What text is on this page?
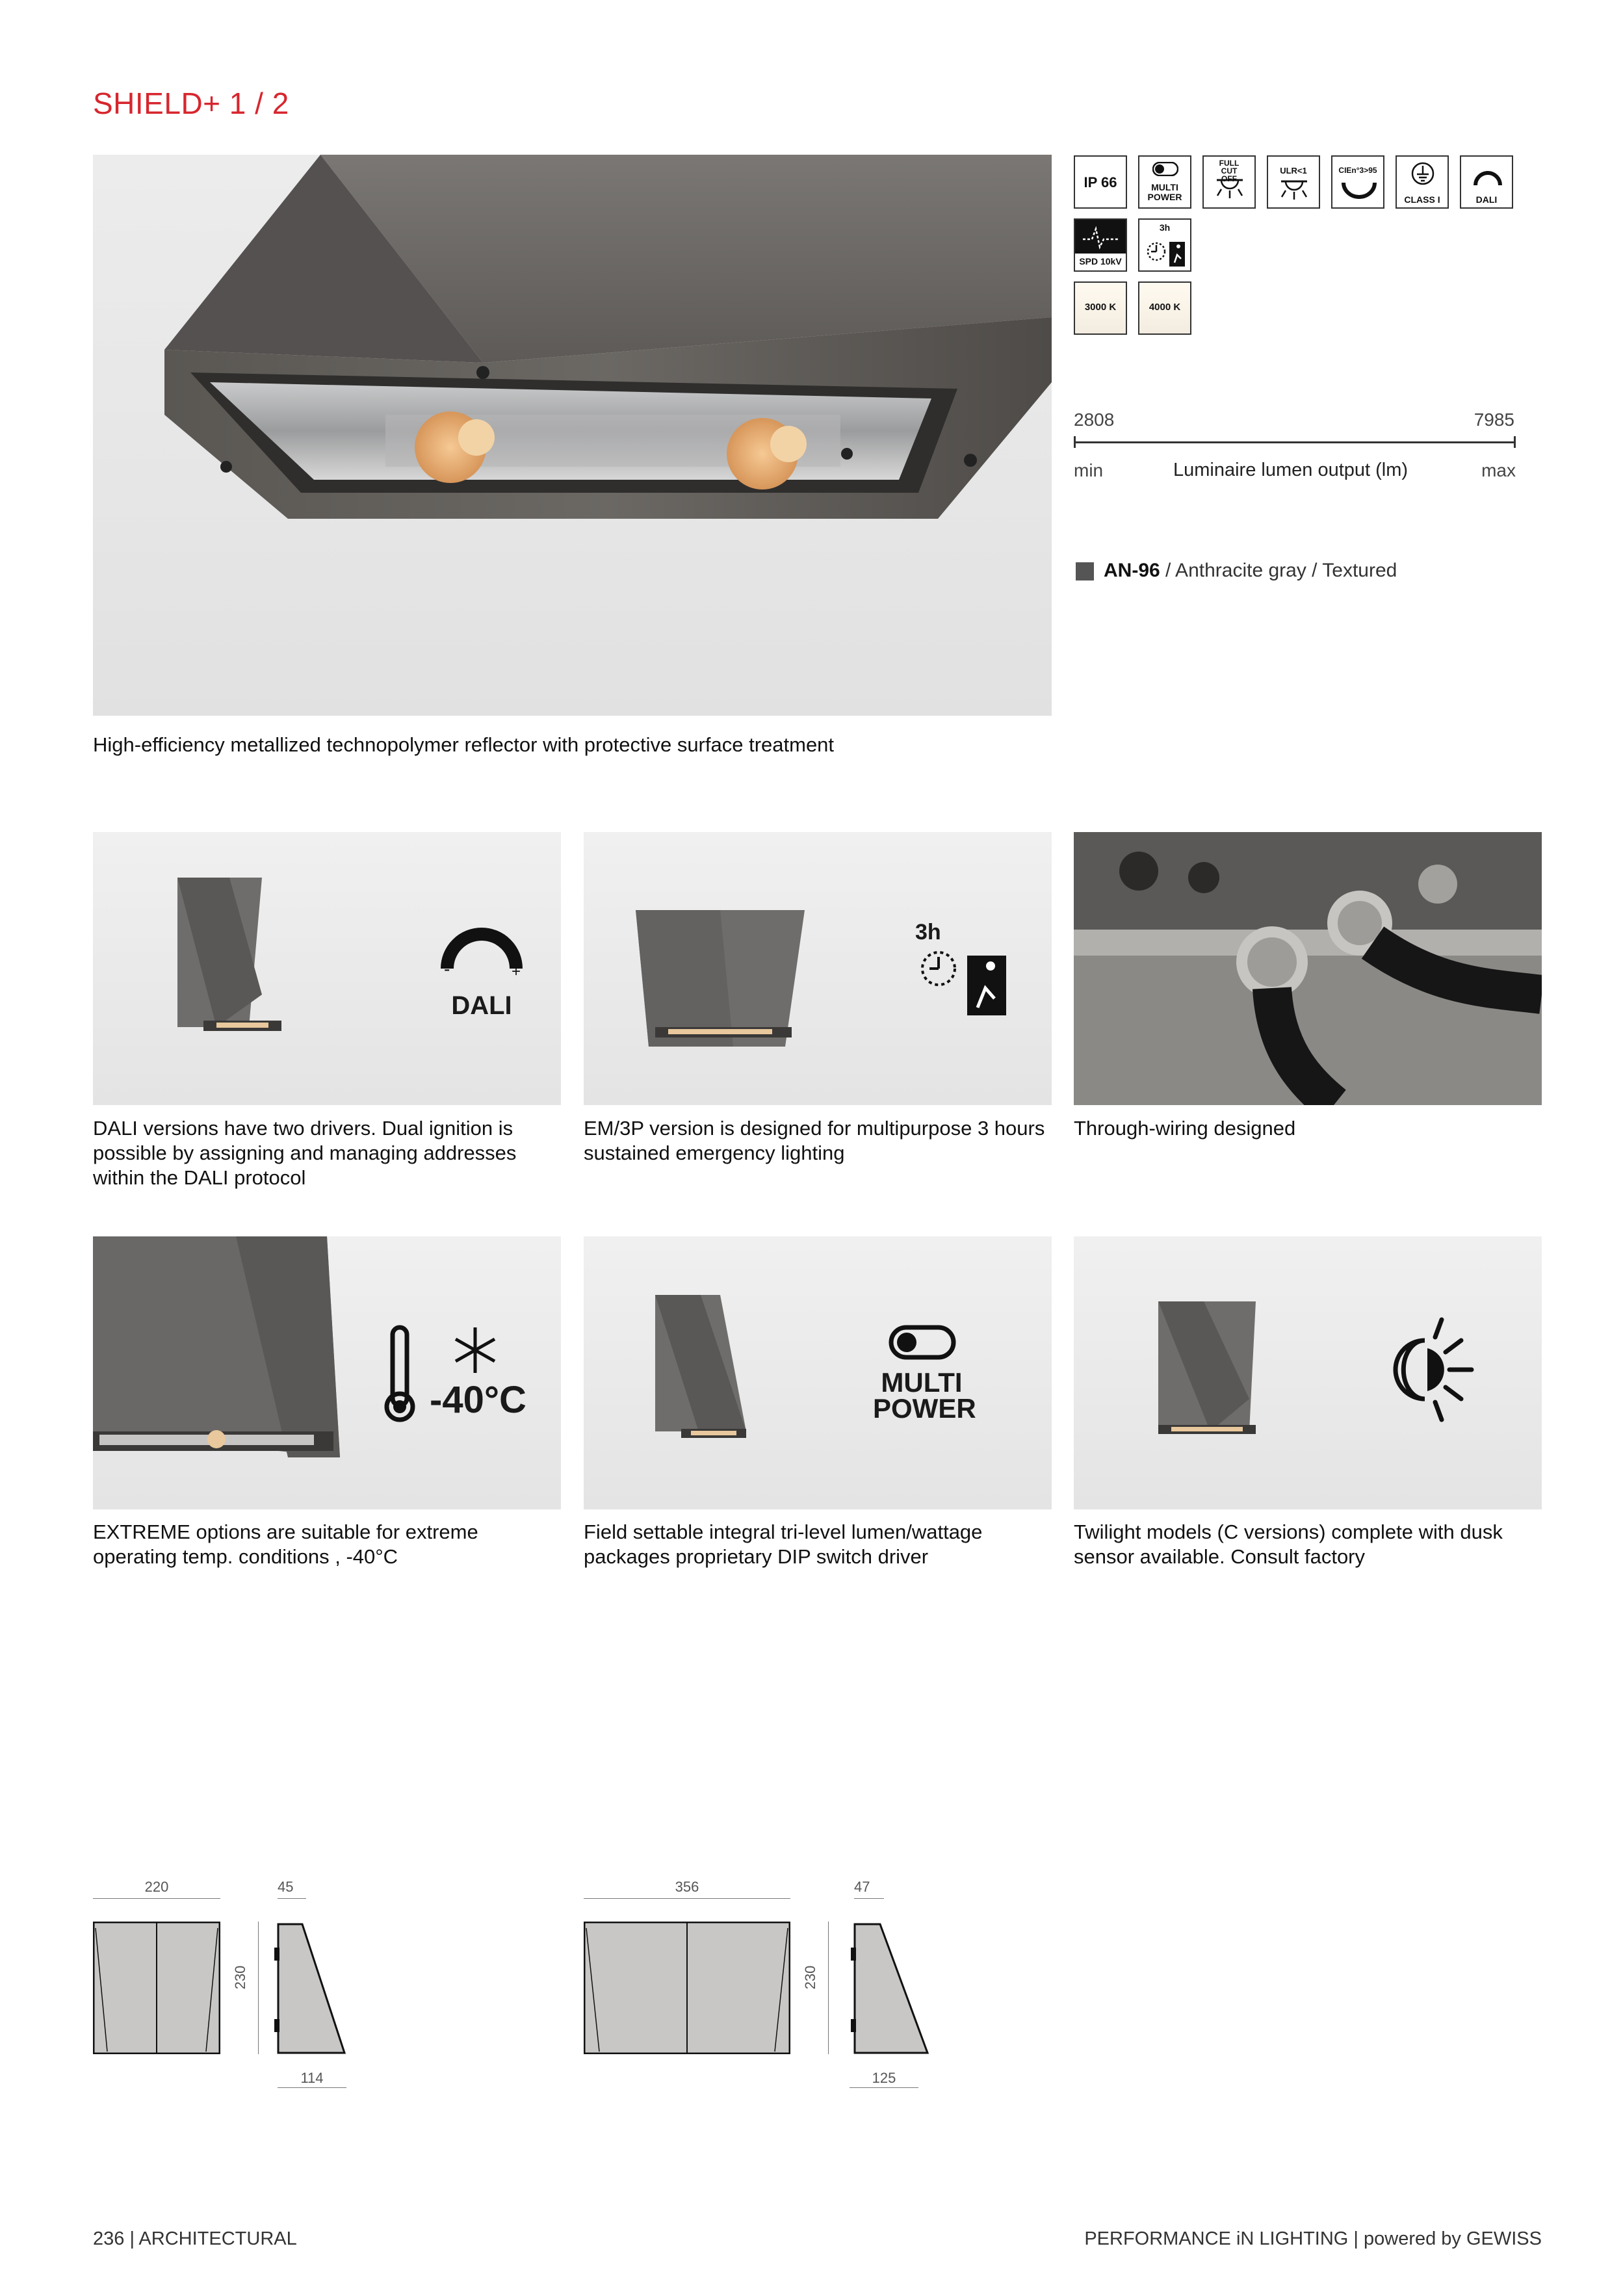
SHIELD+ 1 / 2
High-efficiency metallized technopolymer reflector with protective surface treatment
IP 66	MULTI POWER
FULL CUT OFF
ULR<1	CIEn°3>95
CLASS I	DALI
SPD 10kV
3h
3000 K	4000 K
2808	7985
min	Luminaire lumen output (lm)	max
AN-96 / Anthracite gray / Textured
-	+
DALI
3h
DALI versions have two drivers. Dual ignition is possible by assigning and managing addresses within the DALI protocol
EM/3P version is designed for multipurpose 3 hours sustained emergency lighting
Through-wiring designed
-40°C	MULTI POWER
EXTREME options are suitable for extreme operating temp. conditions , -40°C
Field settable integral tri-level lumen/wattage packages proprietary DIP switch driver
Twilight models (C versions) complete with dusk sensor available. Consult factory
220
230
45
114
356
230
47
125
236 | ARCHITECTURAL	PERFORMANCE iN LIGHTING | powered by GEWISS
